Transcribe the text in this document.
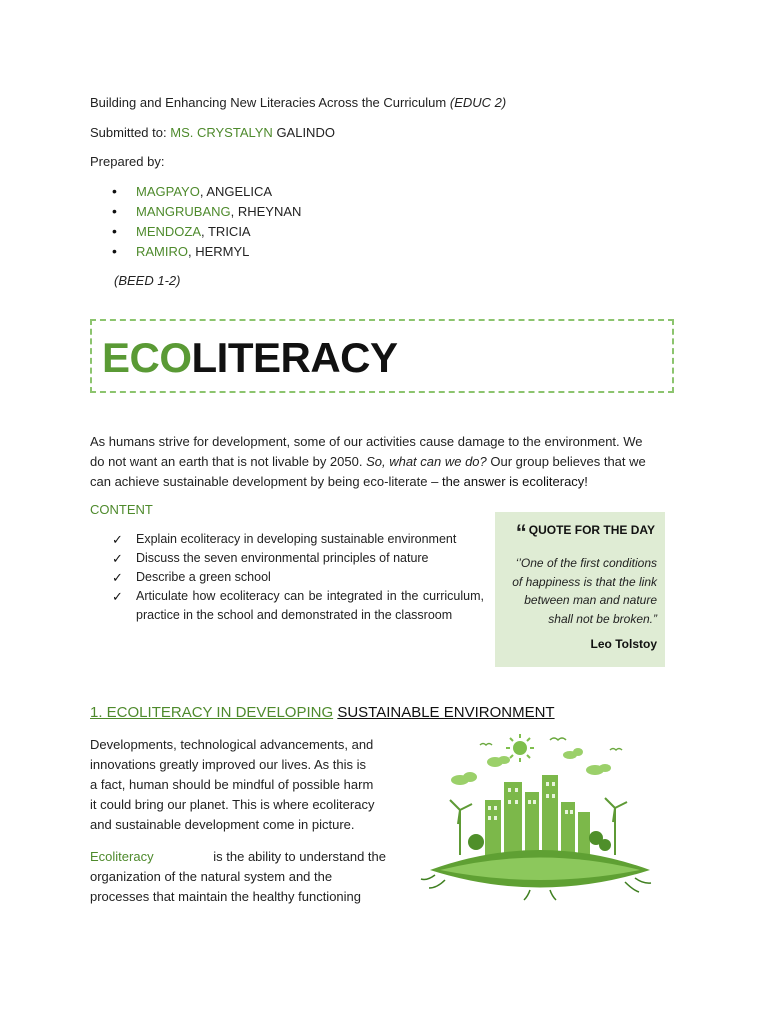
Building and Enhancing New Literacies Across the Curriculum (EDUC 2)
Submitted to: MS. CRYSTALYN GALINDO
Prepared by:
• MAGPAYO, ANGELICA
• MANGRUBANG, RHEYNAN
• MENDOZA, TRICIA
• RAMIRO, HERMYL
(BEED 1-2)
ECOLITERACY
As humans strive for development, some of our activities cause damage to the environment. We
do not want an earth that is not livable by 2050. So, what can we do? Our group believes that we
can achieve sustainable development by being eco-literate – the answer is ecoliteracy!
CONTENT
✓	Explain ecoliteracy in developing sustainable environment
✓	Discuss the seven environmental principles of nature
✓	Describe a green school
✓	Articulate how ecoliteracy can be integrated in the curriculum, practice in the school and demonstrated in the classroom
“ QUOTE FOR THE DAY
‘’One of the first conditions
of happiness is that the link
between man and nature
shall not be broken.”
Leo Tolstoy
1. ECOLITERACY IN DEVELOPING SUSTAINABLE ENVIRONMENT
Developments, technological advancements, and
innovations greatly improved our lives. As this is
a fact, human should be mindful of possible harm
it could bring our planet. This is where ecoliteracy
and sustainable development come in picture.
Ecoliteracy	is the ability to understand the
organization of the natural system and the
processes that maintain the healthy functioning
